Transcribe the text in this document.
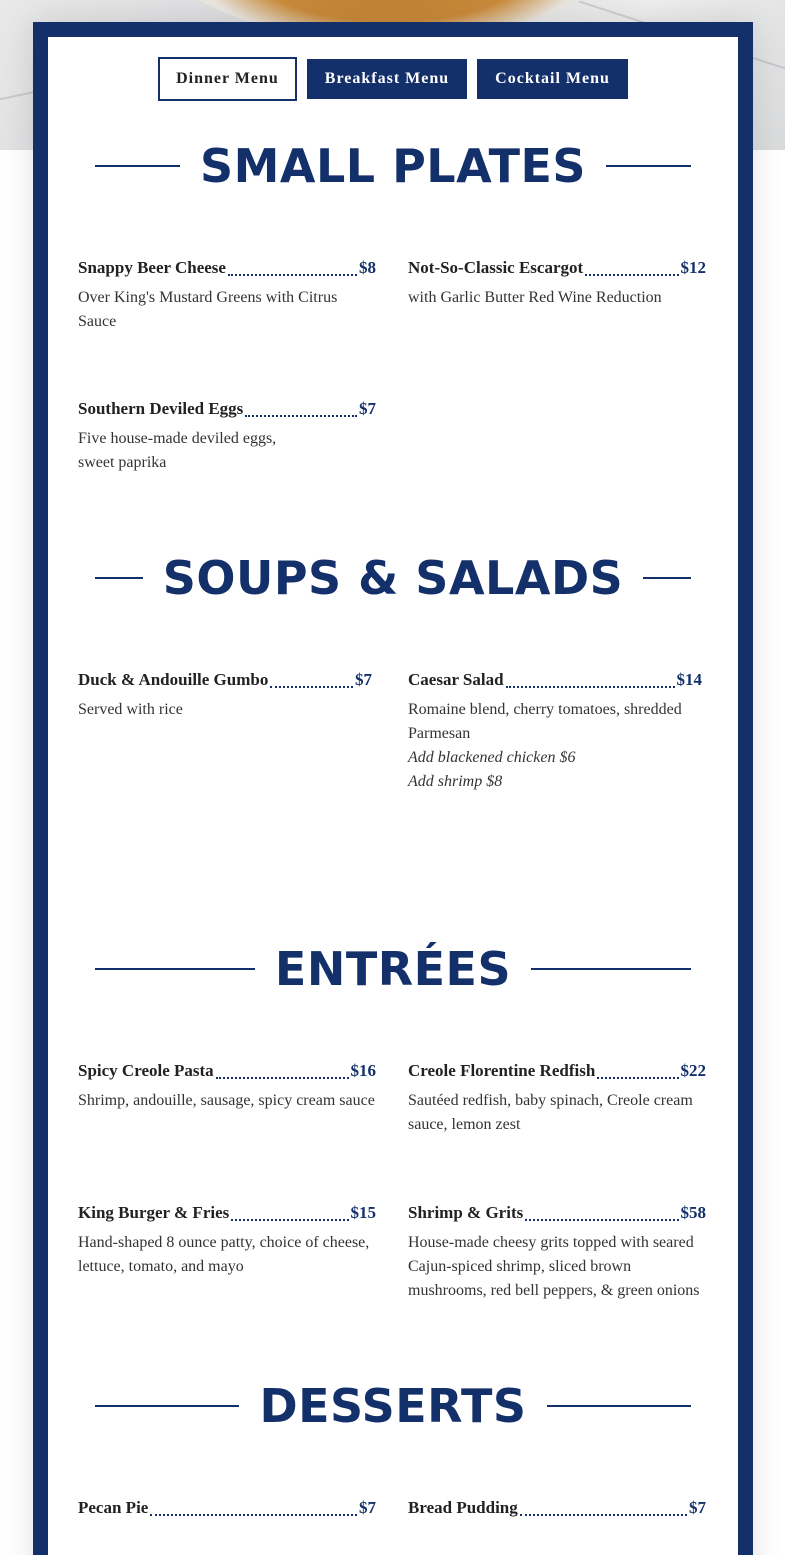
Dinner Menu	Breakfast Menu	Cocktail Menu
SMALL PLATES
Snappy Beer Cheese	$8
Over King's Mustard Greens with Citrus Sauce
Not-So-Classic Escargot	$12
with Garlic Butter Red Wine Reduction
Southern Deviled Eggs	$7
Five house-made deviled eggs,
sweet paprika
SOUPS & SALADS
Duck & Andouille Gumbo	$7
Served with rice
Caesar Salad	$14
Romaine blend, cherry tomatoes, shredded Parmesan
Add blackened chicken $6
Add shrimp $8
ENTRÉES
Spicy Creole Pasta	$16
Shrimp, andouille, sausage, spicy cream sauce
Creole Florentine Redfish	$22
Sautéed redfish, baby spinach, Creole cream sauce, lemon zest
King Burger & Fries	$15
Hand-shaped 8 ounce patty, choice of cheese, lettuce, tomato, and mayo
Shrimp & Grits	$58
House-made cheesy grits topped with seared Cajun-spiced shrimp, sliced brown mushrooms, red bell peppers, & green onions
DESSERTS
Pecan Pie	$7 Bread Pudding	$7
